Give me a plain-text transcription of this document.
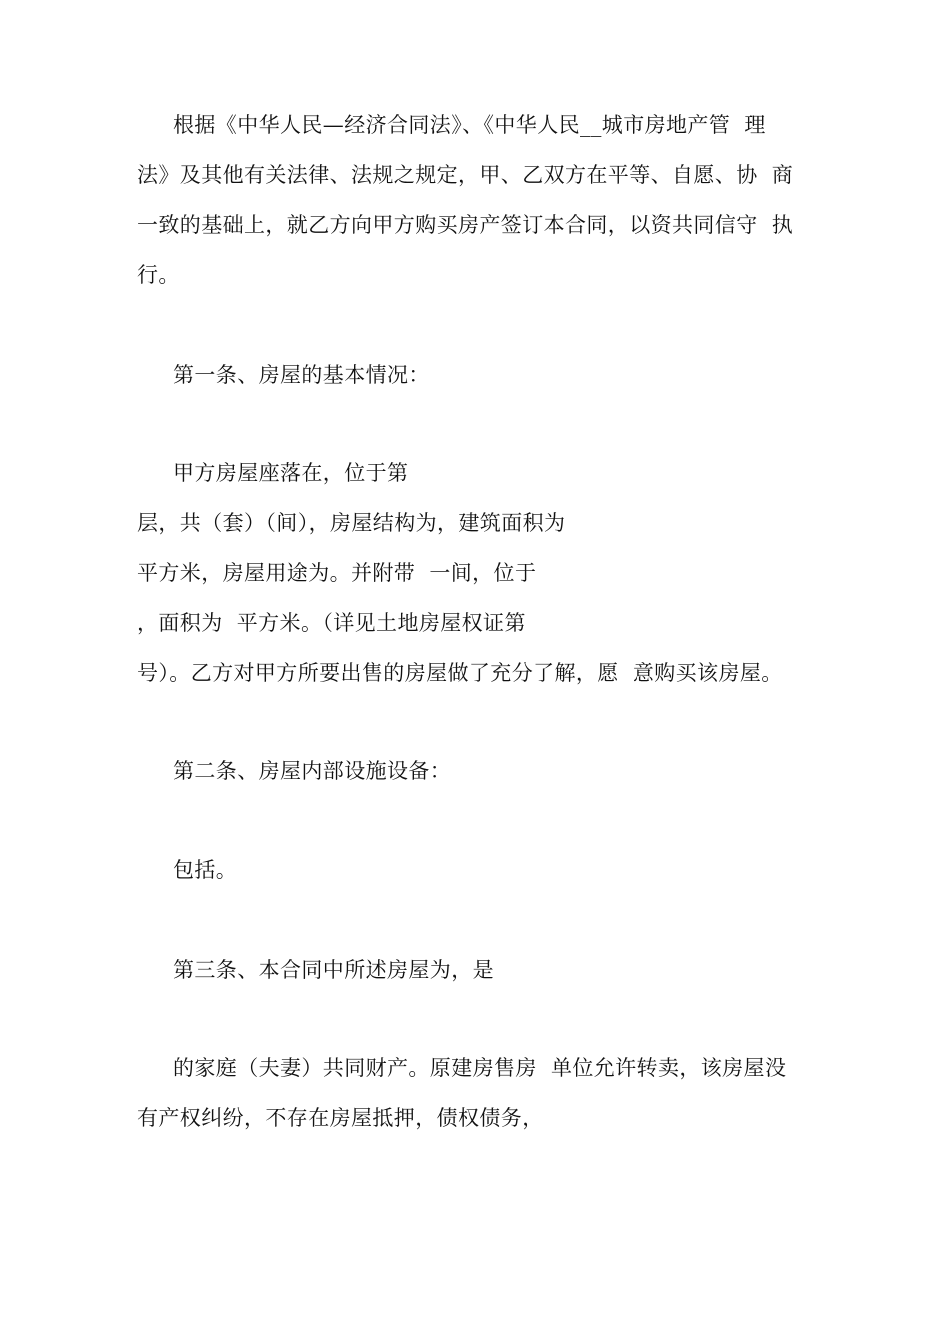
根据《中华人民—经济合同法》、《中华人民__城市房地产管  理
法》及其他有关法律、法规之规定，甲、乙双方在平等、自愿、协  商
一致的基础上，就乙方向甲方购买房产签订本合同，以资共同信守  执
行。
第一条、房屋的基本情况：
甲方房屋座落在，位于第
层，共（套）（间），房屋结构为，建筑面积为
平方米，房屋用途为。并附带  一间，位于
，面积为  平方米。（详见土地房屋权证第
号）。乙方对甲方所要出售的房屋做了充分了解，愿  意购买该房屋。
第二条、房屋内部设施设备：
包括。
第三条、本合同中所述房屋为，是
的家庭（夫妻）共同财产。原建房售房  单位允许转卖，该房屋没
有产权纠纷，不存在房屋抵押，债权债务，
